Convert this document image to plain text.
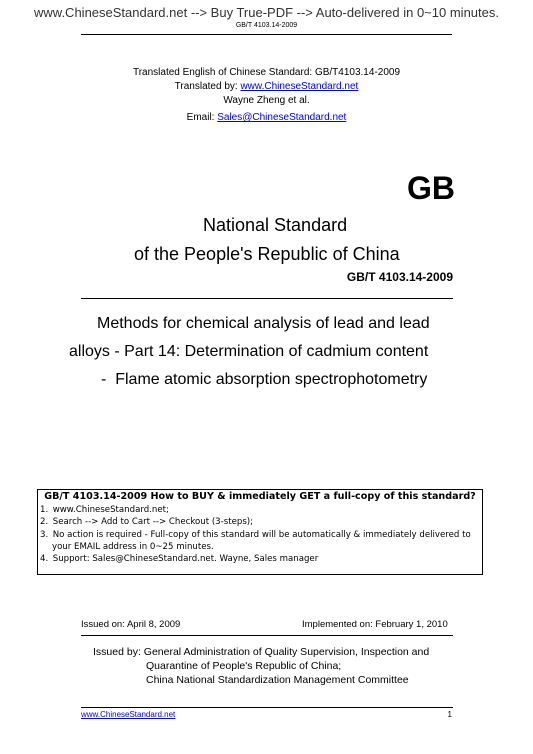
www.ChineseStandard.net --> Buy True-PDF --> Auto-delivered in 0~10 minutes.
GB/T 4103.14-2009
Translated English of Chinese Standard: GB/T4103.14-2009
Translated by: www.ChineseStandard.net
Wayne Zheng et al.
Email: Sales@ChineseStandard.net
GB
National Standard
of the People's Republic of China
GB/T 4103.14-2009
Methods for chemical analysis of lead and lead
alloys - Part 14: Determination of cadmium content
-  Flame atomic absorption spectrophotometry
GB/T 4103.14-2009 How to BUY & immediately GET a full-copy of this standard?
1. www.ChineseStandard.net;
2. Search --> Add to Cart --> Checkout (3-steps);
3. No action is required - Full-copy of this standard will be automatically & immediately delivered to
your EMAIL address in 0~25 minutes.
4. Support: Sales@ChineseStandard.net. Wayne, Sales manager
Issued on: April 8, 2009	Implemented on: February 1, 2010
Issued by: General Administration of Quality Supervision, Inspection and
Quarantine of People's Republic of China;
China National Standardization Management Committee
www.ChineseStandard.net	1
